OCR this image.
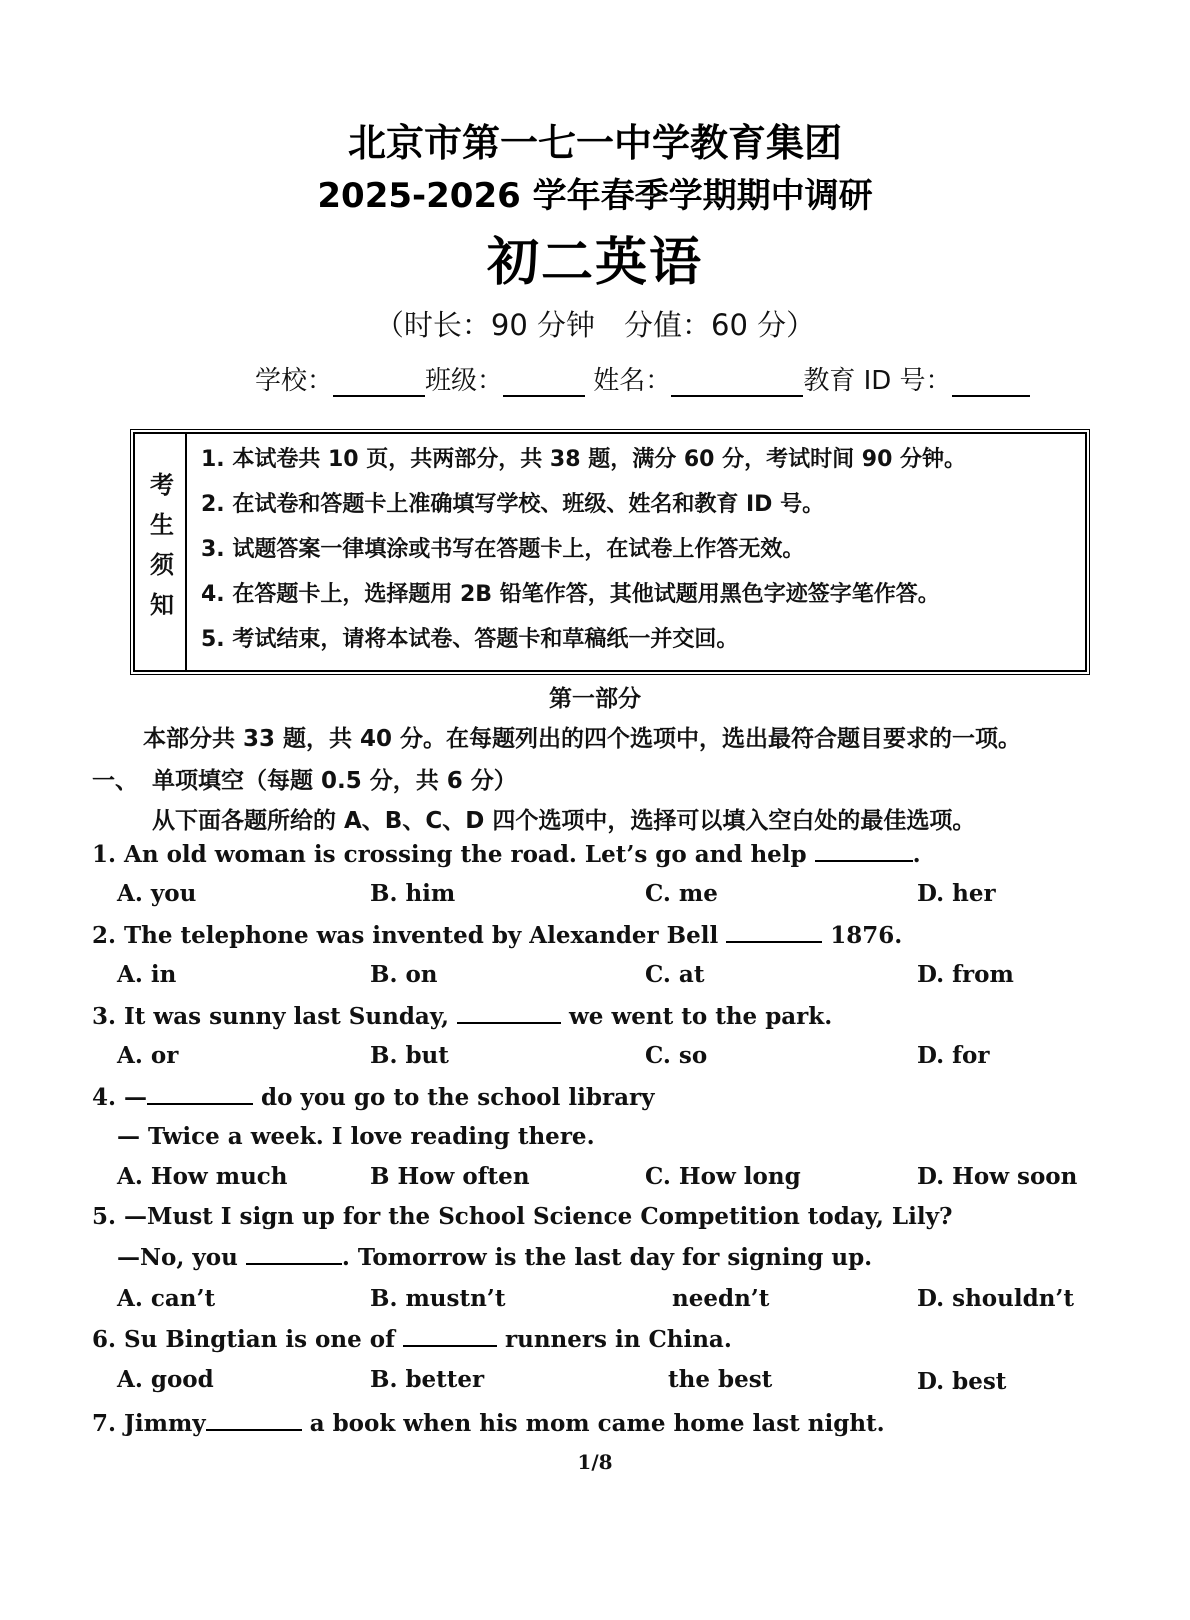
北京市第一七一中学教育集团
2025-2026 学年春季学期期中调研
初二英语
（时长：90 分钟　分值：60 分）
学校：	班级：	姓名：	教育 ID 号：
考生须知
1. 本试卷共 10 页，共两部分，共 38 题，满分 60 分，考试时间 90 分钟。
2. 在试卷和答题卡上准确填写学校、班级、姓名和教育 ID 号。
3. 试题答案一律填涂或书写在答题卡上，在试卷上作答无效。
4. 在答题卡上，选择题用 2B 铅笔作答，其他试题用黑色字迹签字笔作答。
5. 考试结束，请将本试卷、答题卡和草稿纸一并交回。
第一部分
本部分共 33 题，共 40 分。在每题列出的四个选项中，选出最符合题目要求的一项。
一、 单项填空（每题 0.5 分，共 6 分）
从下面各题所给的 A、B、C、D 四个选项中，选择可以填入空白处的最佳选项。
1. An old woman is crossing the road. Let’s go and help	.
A. you	B. him	C. me	D. her
2. The telephone was invented by Alexander Bell	1876.
A. in	B. on	C. at	D. from
3. It was sunny last Sunday,	we went to the park.
A. or	B. but	C. so	D. for
4. —	do you go to the school library
— Twice a week. I love reading there.
A. How much	B How often	C. How long	D. How soon
5. —Must I sign up for the School Science Competition today, Lily?
—No, you	. Tomorrow is the last day for signing up.
A. can’t	B. mustn’t	needn’t	D. shouldn’t
6. Su Bingtian is one of	runners in China.
A. good	B. better	the best	D. best
7. Jimmy	a book when his mom came home last night.
1/8
